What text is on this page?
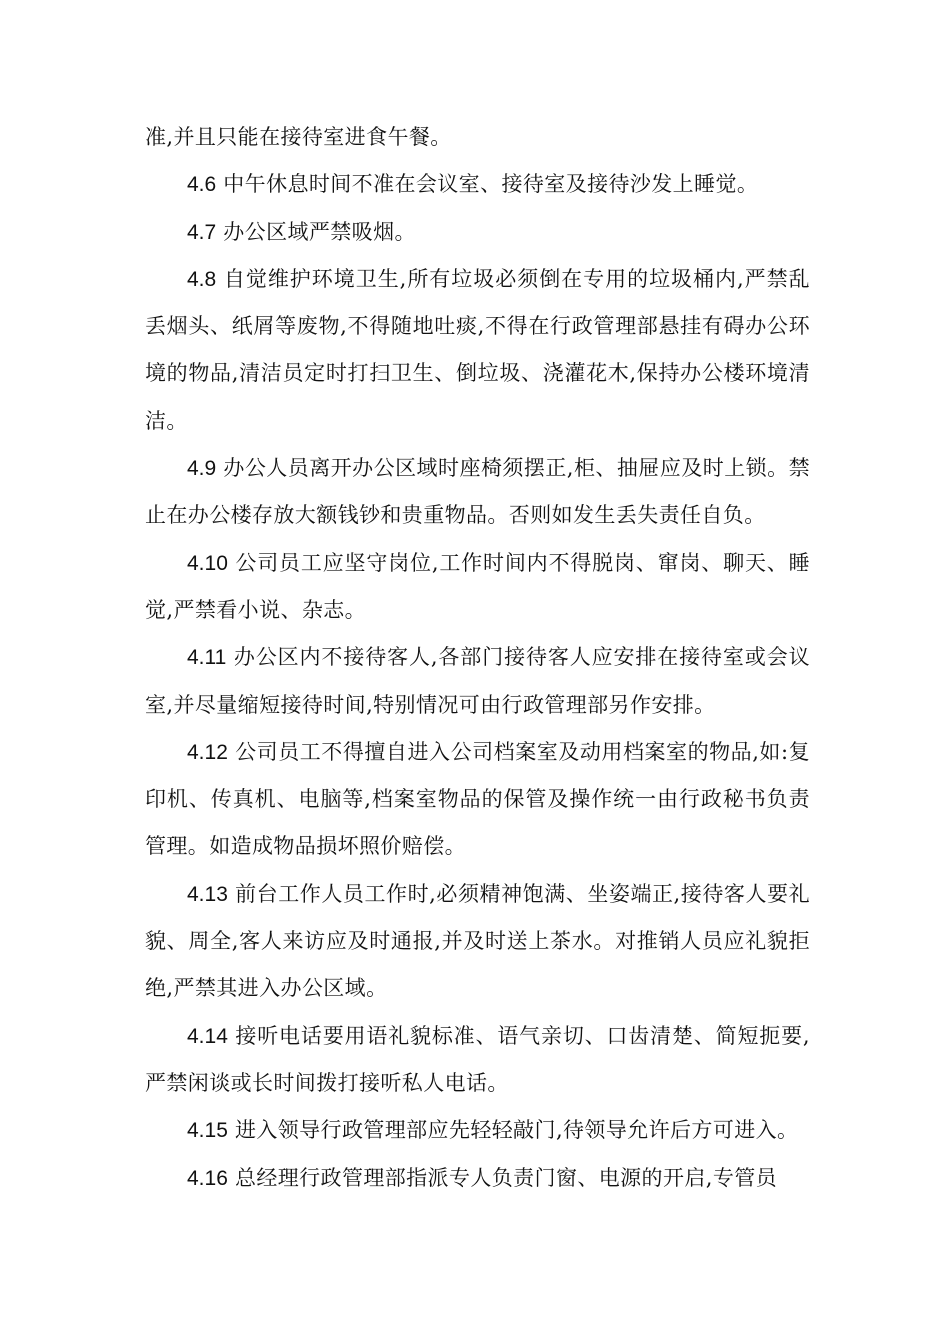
准,并且只能在接待室进食午餐。

4.6 中午休息时间不准在会议室、接待室及接待沙发上睡觉。

4.7 办公区域严禁吸烟。

4.8 自觉维护环境卫生,所有垃圾必须倒在专用的垃圾桶内,严禁乱丢烟头、纸屑等废物,不得随地吐痰,不得在行政管理部悬挂有碍办公环境的物品,清洁员定时打扫卫生、倒垃圾、浇灌花木,保持办公楼环境清洁。

4.9 办公人员离开办公区域时座椅须摆正,柜、抽屉应及时上锁。禁止在办公楼存放大额钱钞和贵重物品。否则如发生丢失责任自负。

4.10 公司员工应坚守岗位,工作时间内不得脱岗、窜岗、聊天、睡觉,严禁看小说、杂志。

4.11 办公区内不接待客人,各部门接待客人应安排在接待室或会议室,并尽量缩短接待时间,特别情况可由行政管理部另作安排。

4.12 公司员工不得擅自进入公司档案室及动用档案室的物品,如:复印机、传真机、电脑等,档案室物品的保管及操作统一由行政秘书负责管理。如造成物品损坏照价赔偿。

4.13 前台工作人员工作时,必须精神饱满、坐姿端正,接待客人要礼貌、周全,客人来访应及时通报,并及时送上茶水。对推销人员应礼貌拒绝,严禁其进入办公区域。

4.14 接听电话要用语礼貌标准、语气亲切、口齿清楚、简短扼要,严禁闲谈或长时间拨打接听私人电话。

4.15 进入领导行政管理部应先轻轻敲门,待领导允许后方可进入。

4.16 总经理行政管理部指派专人负责门窗、电源的开启,专管员
